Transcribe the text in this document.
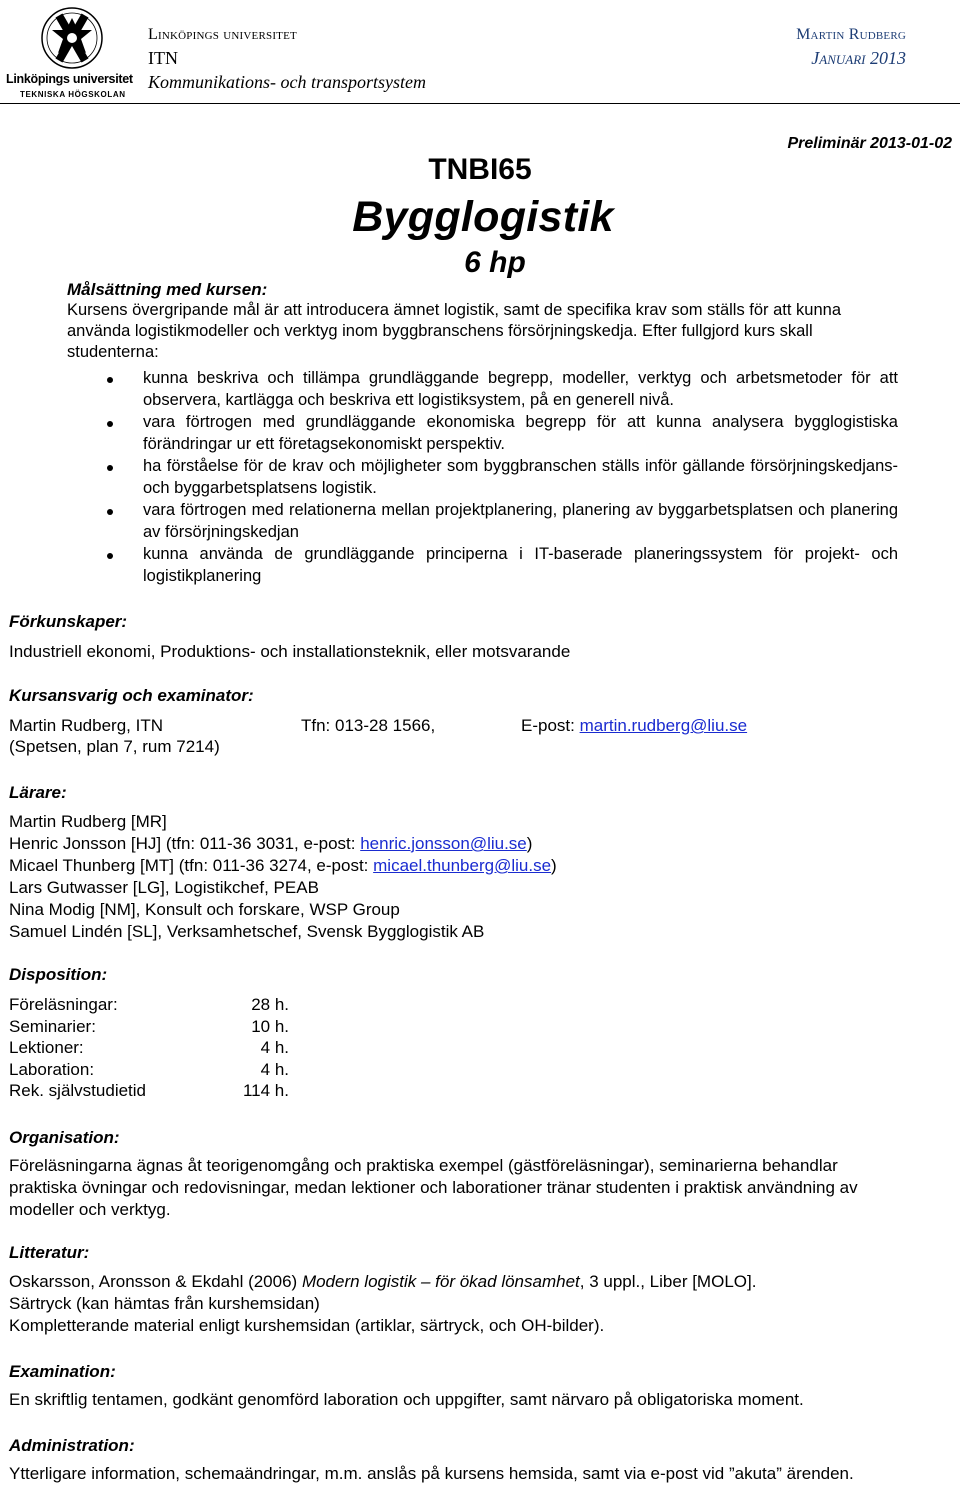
Linköpings universitet
TEKNISKA HÖGSKOLAN
Linköpings universitet
ITN
Kommunikations- och transportsystem
Martin Rudberg
Januari 2013
Preliminär 2013-01-02
TNBI65
Bygglogistik
6 hp
Målsättning med kursen:
Kursens övergripande mål är att introducera ämnet logistik, samt de specifika krav som ställs för att kunna använda logistikmodeller och verktyg inom byggbranschens försörjningskedja. Efter fullgjord kurs skall studenterna:
kunna beskriva och tillämpa grundläggande begrepp, modeller, verktyg och arbetsmetoder för att observera, kartlägga och beskriva ett logistiksystem, på en generell nivå.
vara förtrogen med grundläggande ekonomiska begrepp för att kunna analysera bygglogistiska förändringar ur ett företagsekonomiskt perspektiv.
ha förståelse för de krav och möjligheter som byggbranschen ställs inför gällande försörjningskedjans- och byggarbetsplatsens logistik.
vara förtrogen med relationerna mellan projektplanering, planering av byggarbetsplatsen och planering av försörjningskedjan
kunna använda de grundläggande principerna i IT-baserade planeringssystem för projekt- och logistikplanering
Förkunskaper:
Industriell ekonomi, Produktions- och installationsteknik, eller motsvarande
Kursansvarig och examinator:
Martin Rudberg, ITN	Tfn: 013-28 1566,	E-post: martin.rudberg@liu.se
(Spetsen, plan 7, rum 7214)
Lärare:
Martin Rudberg [MR]
Henric Jonsson [HJ] (tfn: 011-36 3031, e-post: henric.jonsson@liu.se)
Micael Thunberg [MT] (tfn: 011-36 3274, e-post: micael.thunberg@liu.se)
Lars Gutwasser [LG], Logistikchef, PEAB
Nina Modig [NM], Konsult och forskare, WSP Group
Samuel Lindén [SL], Verksamhetschef, Svensk Bygglogistik AB
Disposition:
Föreläsningar:	28 h.
Seminarier:	10 h.
Lektioner:	4 h.
Laboration:	4 h.
Rek. självstudietid	114 h.
Organisation:
Föreläsningarna ägnas åt teorigenomgång och praktiska exempel (gästföreläsningar), seminarierna behandlar
praktiska övningar och redovisningar, medan lektioner och laborationer tränar studenten i praktisk användning av
modeller och verktyg.
Litteratur:
Oskarsson, Aronsson & Ekdahl (2006) Modern logistik – för ökad lönsamhet, 3 uppl., Liber [MOLO].
Särtryck (kan hämtas från kurshemsidan)
Kompletterande material enligt kurshemsidan (artiklar, särtryck, och OH-bilder).
Examination:
En skriftlig tentamen, godkänt genomförd laboration och uppgifter, samt närvaro på obligatoriska moment.
Administration:
Ytterligare information, schemaändringar, m.m. anslås på kursens hemsida, samt via e-post vid ”akuta” ärenden.
